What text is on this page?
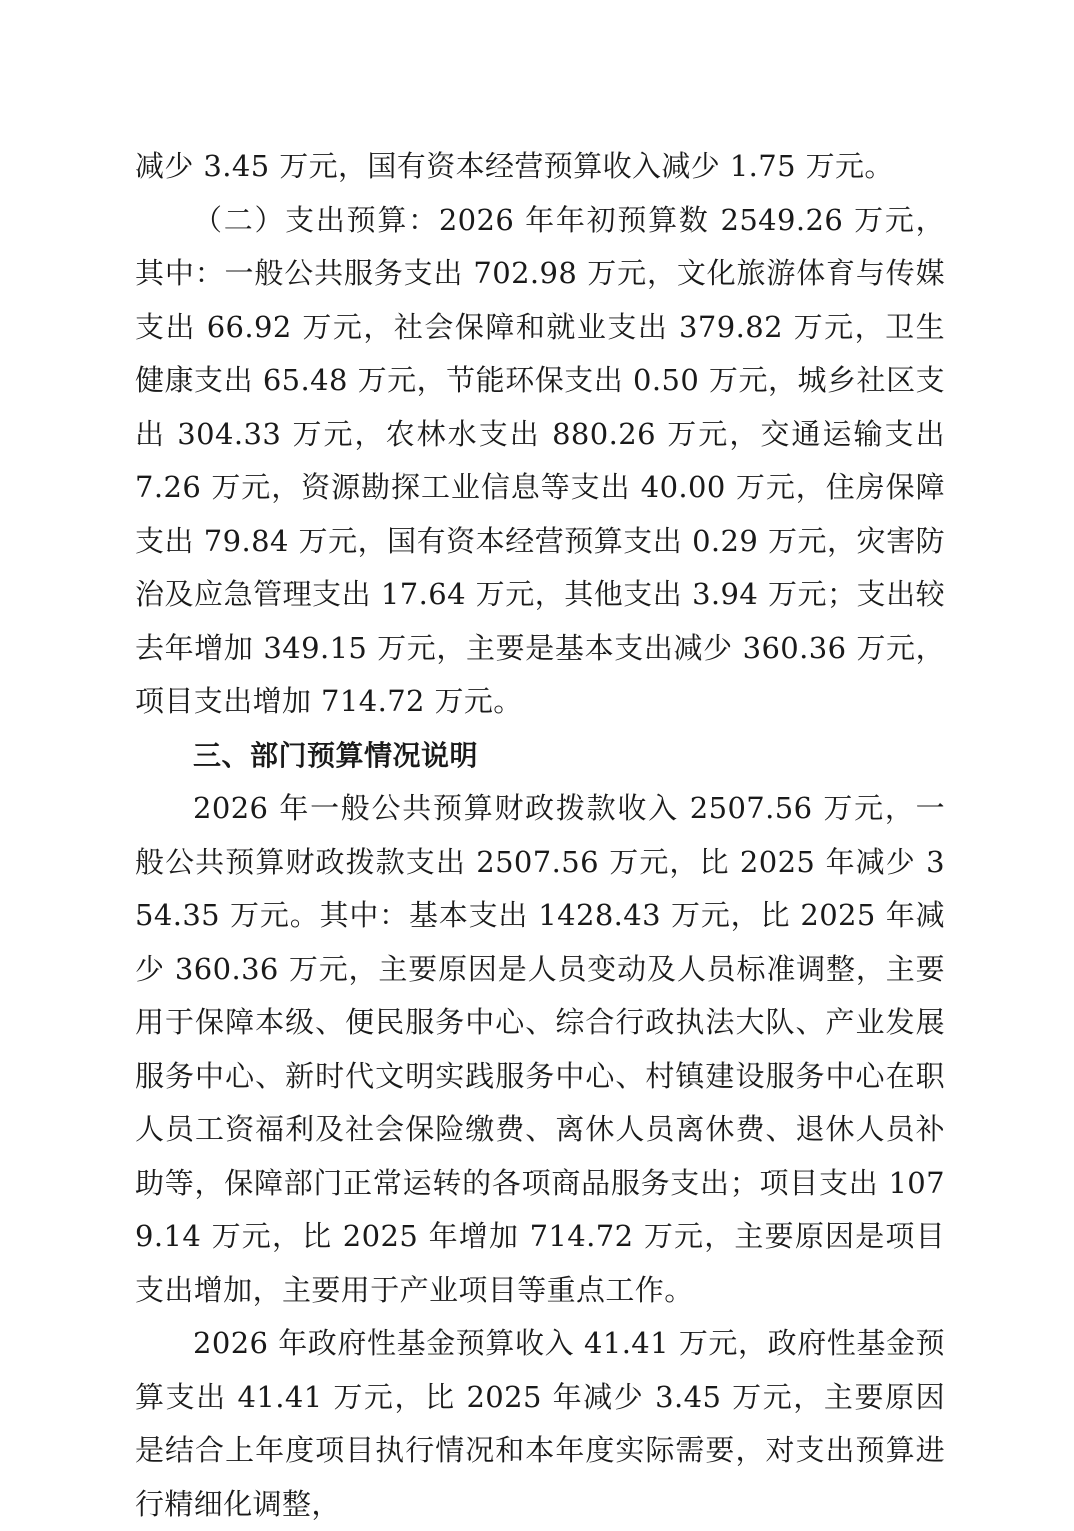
减少 3.45 万元，国有资本经营预算收入减少 1.75 万元。

（二）支出预算：2026 年年初预算数 2549.26 万元，其中：一般公共服务支出 702.98 万元，文化旅游体育与传媒支出 66.92 万元，社会保障和就业支出 379.82 万元，卫生健康支出 65.48 万元，节能环保支出 0.50 万元，城乡社区支出 304.33 万元，农林水支出 880.26 万元，交通运输支出 7.26 万元，资源勘探工业信息等支出 40.00 万元，住房保障支出 79.84 万元，国有资本经营预算支出 0.29 万元，灾害防治及应急管理支出 17.64 万元，其他支出 3.94 万元；支出较去年增加 349.15 万元，主要是基本支出减少 360.36 万元，项目支出增加 714.72 万元。

三、部门预算情况说明

2026 年一般公共预算财政拨款收入 2507.56 万元，一般公共预算财政拨款支出 2507.56 万元，比 2025 年减少 354.35 万元。其中：基本支出 1428.43 万元，比 2025 年减少 360.36 万元，主要原因是人员变动及人员标准调整，主要用于保障本级、便民服务中心、综合行政执法大队、产业发展服务中心、新时代文明实践服务中心、村镇建设服务中心在职人员工资福利及社会保险缴费、离休人员离休费、退休人员补助等，保障部门正常运转的各项商品服务支出；项目支出 1079.14 万元，比 2025 年增加 714.72 万元，主要原因是项目支出增加，主要用于产业项目等重点工作。

2026 年政府性基金预算收入 41.41 万元，政府性基金预算支出 41.41 万元，比 2025 年减少 3.45 万元，主要原因是结合上年度项目执行情况和本年度实际需要，对支出预算进行精细化调整，
